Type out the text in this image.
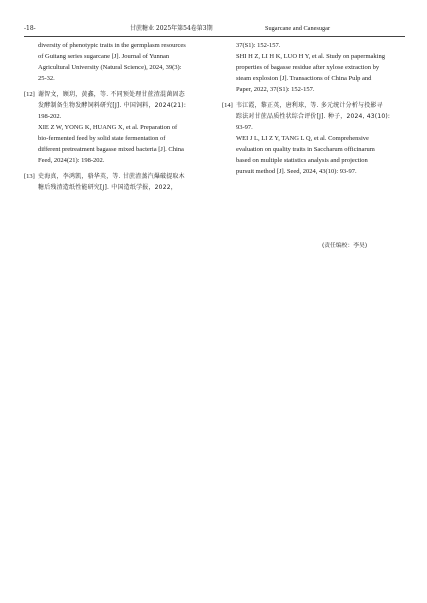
-18-	甘蔗糖业 2025年第54卷第3期	Sugarcane and Canesugar
diversity of phenotypic traits in the germplasm resources
of Guitang series sugarcane [J]. Journal of Yunnan
Agricultural University (Natural Science), 2024, 39(3):
25-32.
[12] 谢智文，顾玥，黄鑫，等. 不同预处理甘蔗渣混菌固态
发酵制备生物发酵饲料研究[J]. 中国饲料，2024(21):
198-202.
XIE Z W, YONG K, HUANG X, et al. Preparation of
bio-fermented feed by solid state fermentation of
different pretreatment bagasse mixed bacteria [J]. China
Feed, 2024(21): 198-202.
[13] 史海真，李鸿凯，骆华英，等. 甘蔗渣蒸汽爆破提取木
糖后残渣造纸性能研究[J]. 中国造纸学报，2022，
37(S1): 152-157.
SHI H Z, LI H K, LUO H Y, et al. Study on papermaking
properties of bagasse residue after xylose extraction by
steam explosion [J]. Transactions of China Pulp and
Paper, 2022, 37(S1): 152-157.
[14] 韦江霞，黎正英，唐利球，等. 多元统计分析与投影寻
踪法对甘蔗品质性状综合评价[J]. 种子，2024, 43(10):
93-97.
WEI J L, LI Z Y, TANG L Q, et al. Comprehensive
evaluation on quality traits in Saccharum officinarum
based on multiple statistics analysis and projection
pursuit method [J]. Seed, 2024, 43(10): 93-97.
(责任编校：李昊)
